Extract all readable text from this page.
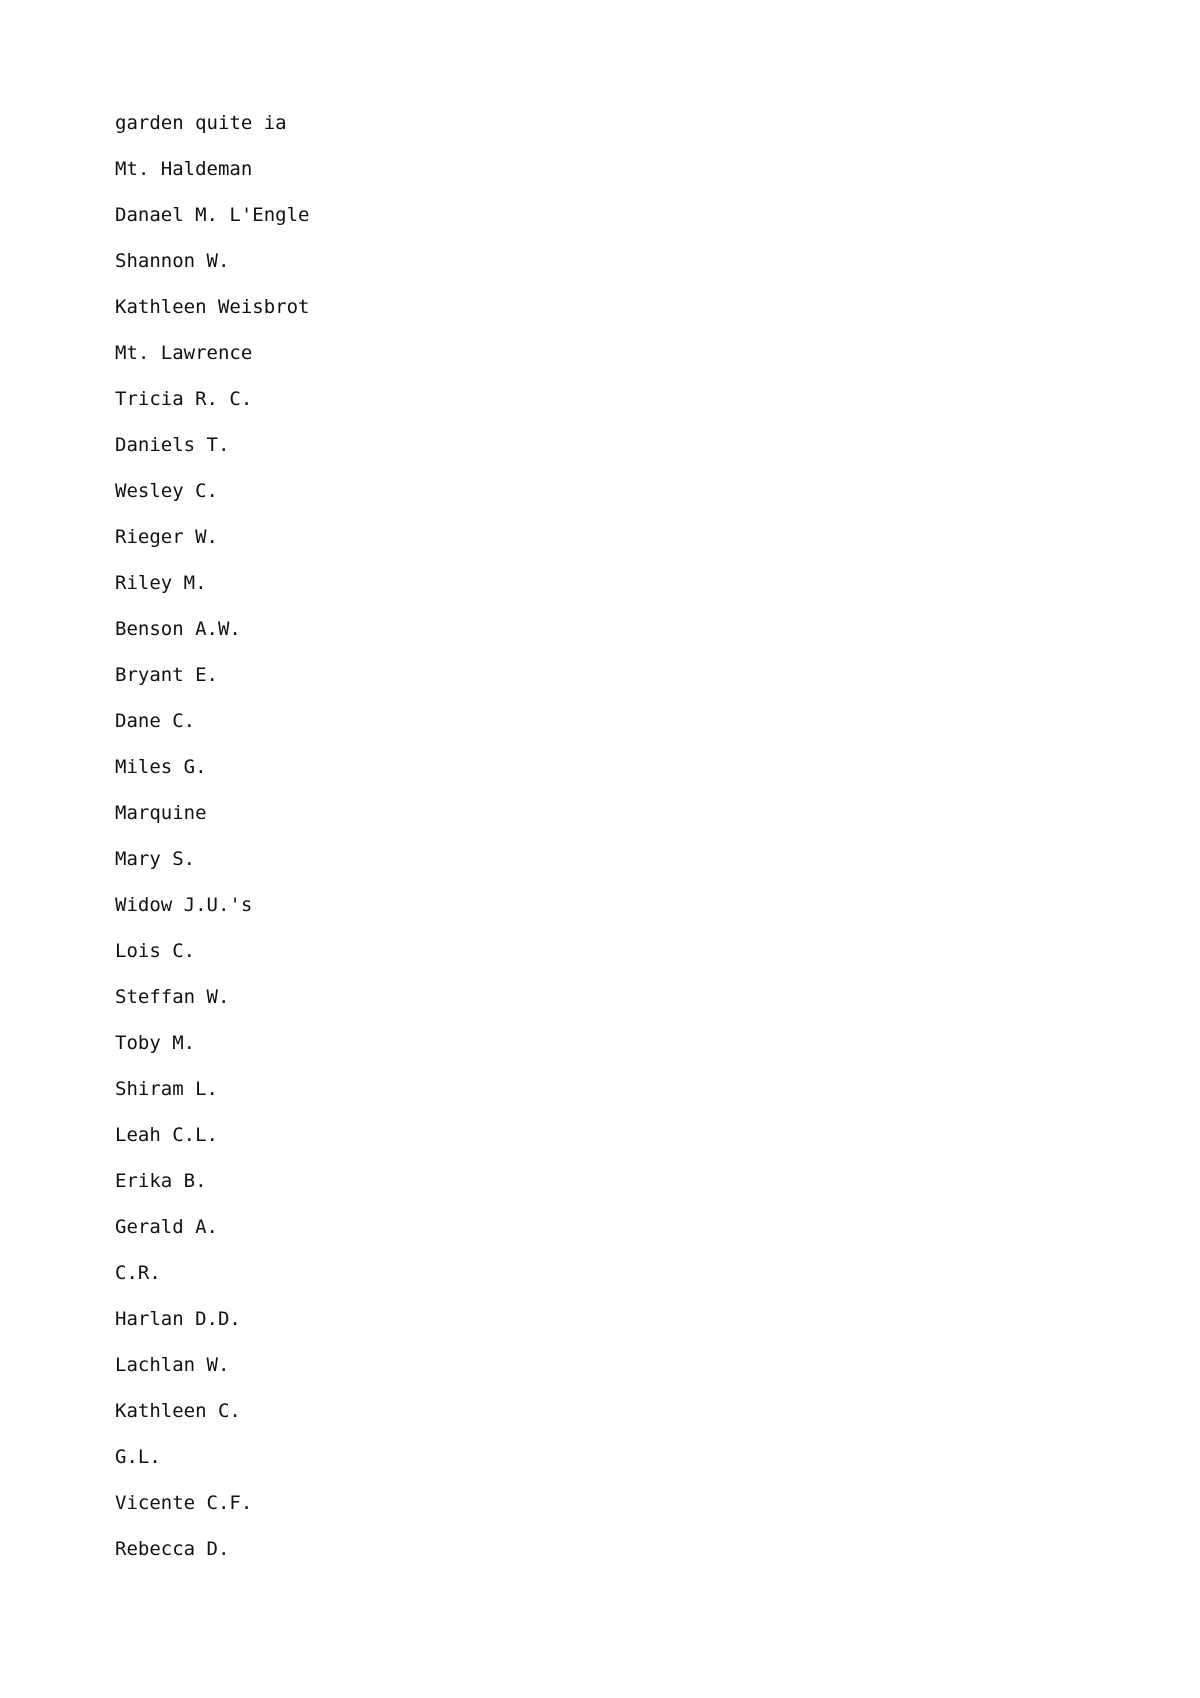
garden quite ia
Mt. Haldeman
Danael M. L'Engle
Shannon W.
Kathleen Weisbrot
Mt. Lawrence
Tricia R. C.
Daniels T.
Wesley C.
Rieger W.
Riley M.
Benson A.W.
Bryant E.
Dane C.
Miles G.
Marquine
Mary S.
Widow J.U.'s
Lois C.
Steffan W.
Toby M.
Shiram L.
Leah C.L.
Erika B.
Gerald A.
C.R.
Harlan D.D.
Lachlan W.
Kathleen C.
G.L.
Vicente C.F.
Rebecca D.
